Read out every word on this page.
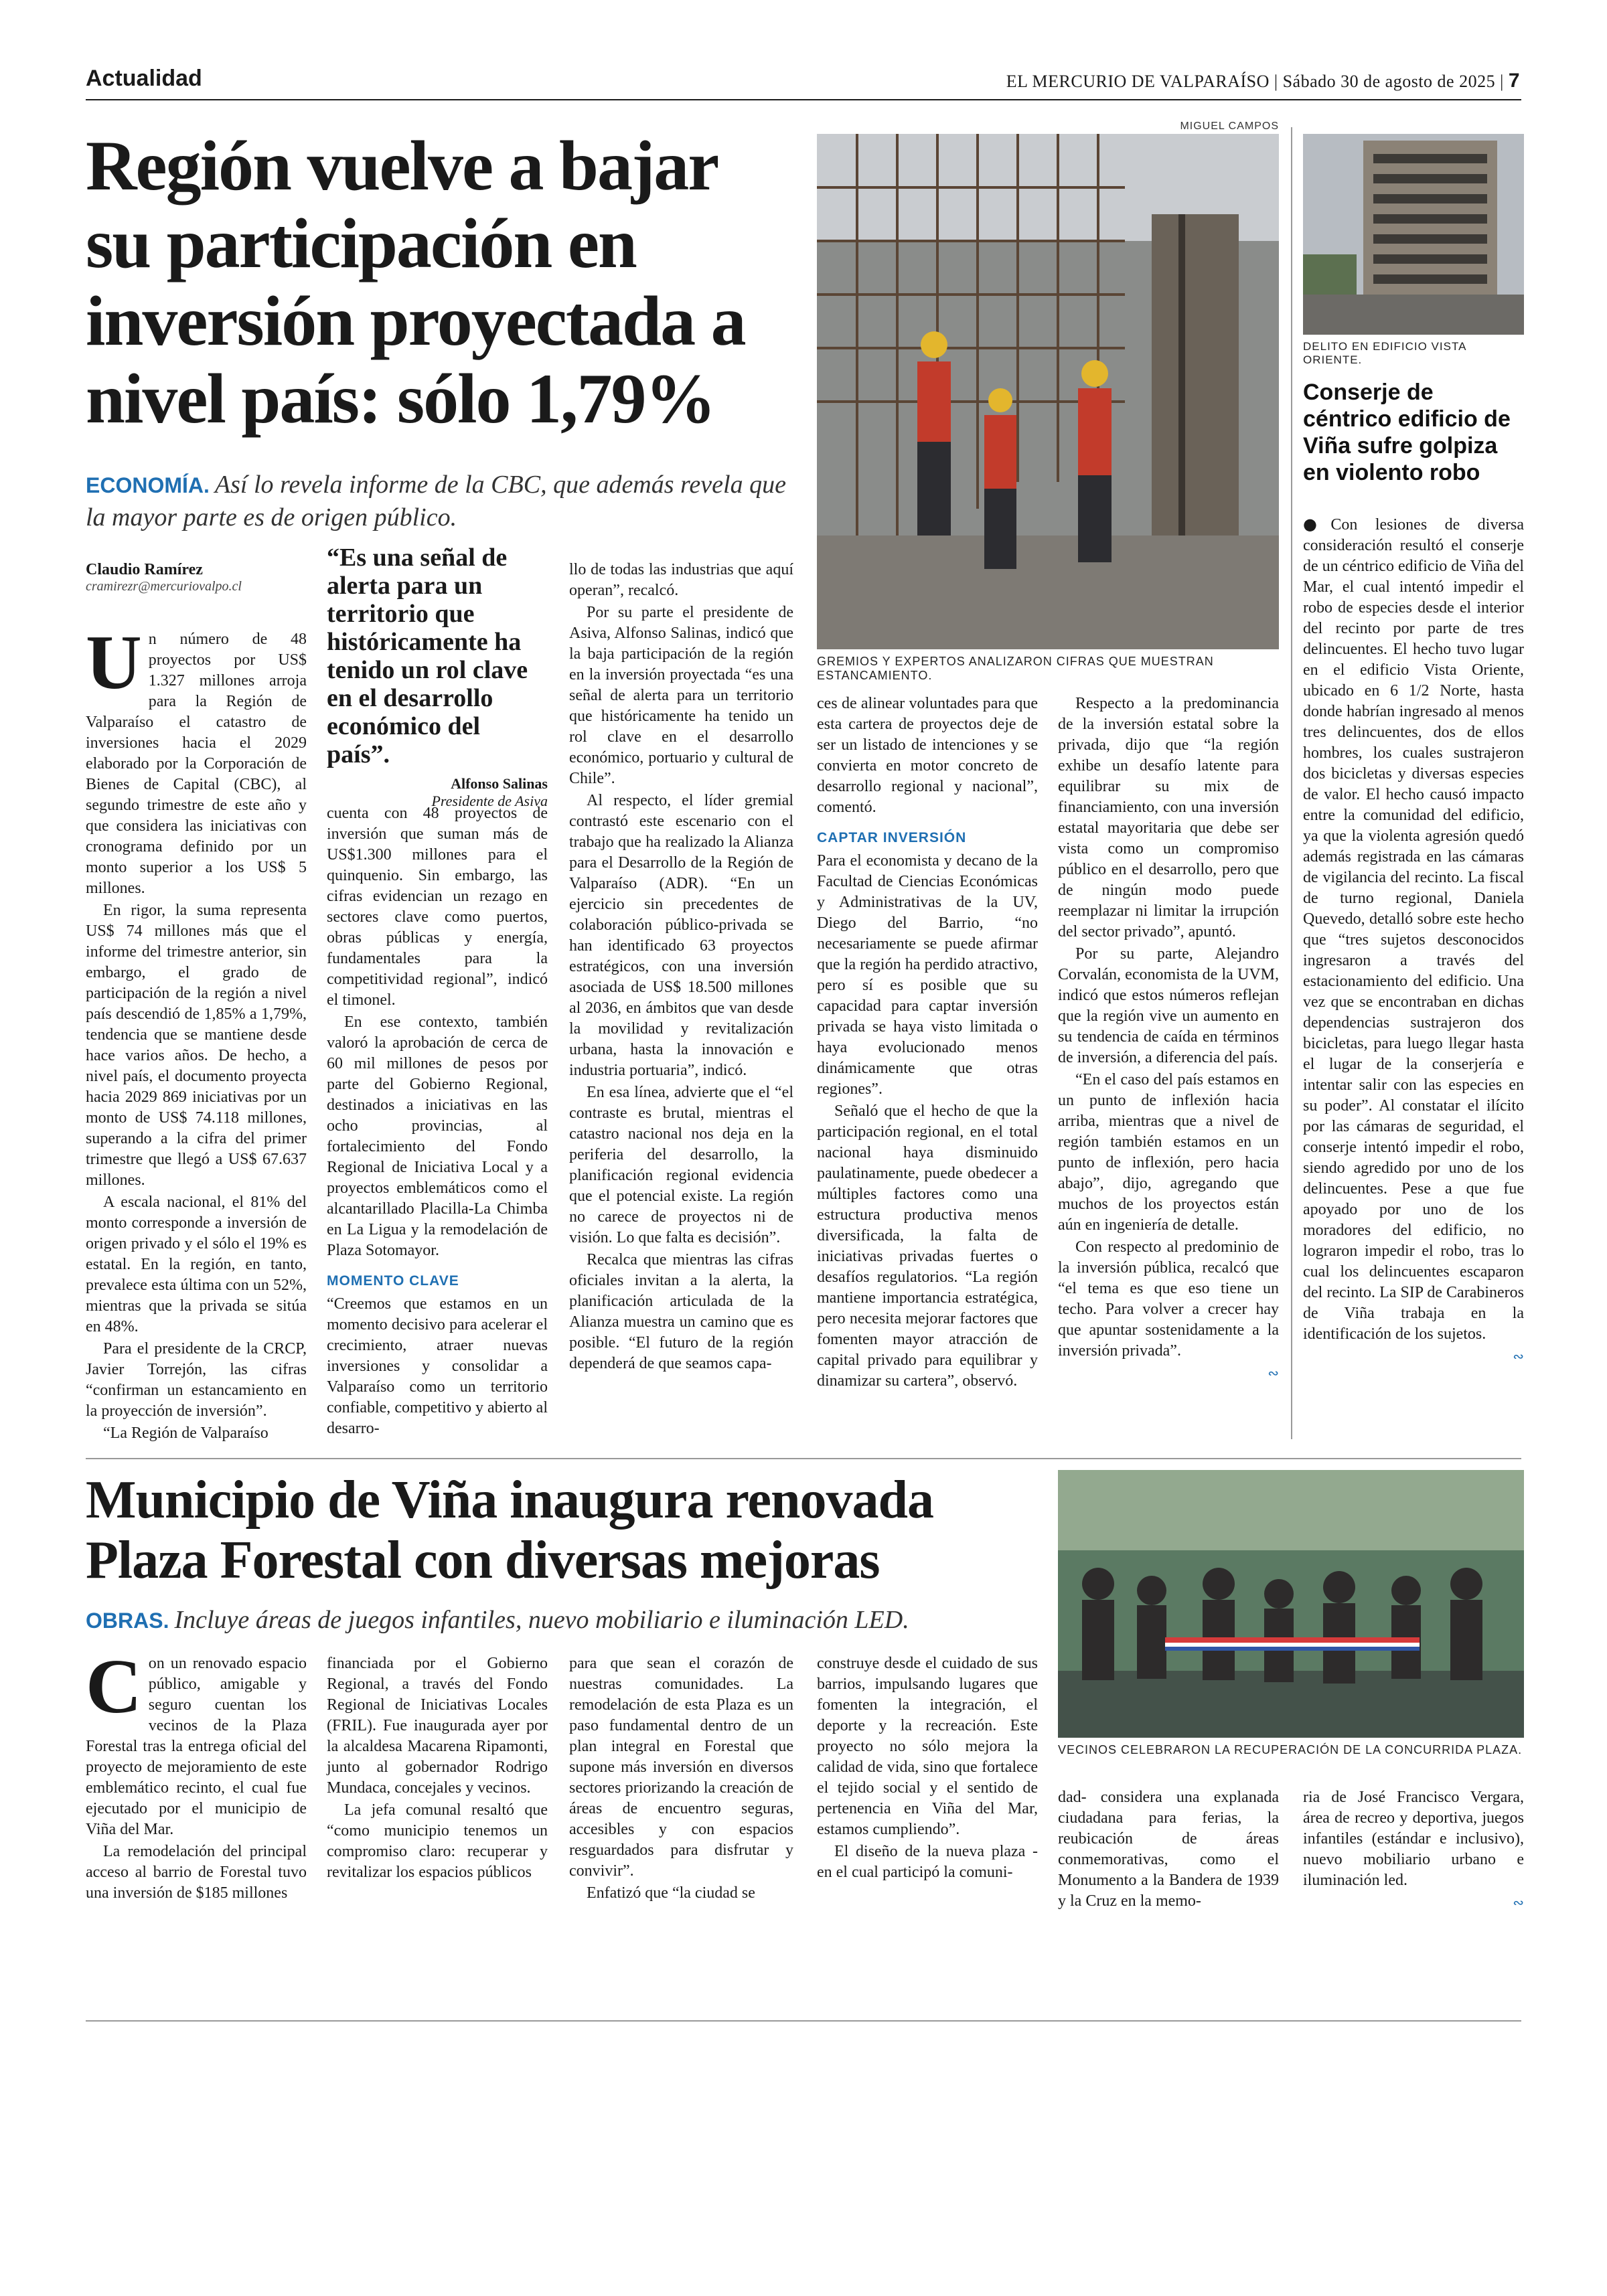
Actualidad	EL MERCURIO DE VALPARAÍSO | Sábado 30 de agosto de 2025 | 7
Región vuelve a bajar su participación en inversión proyectada a nivel país: sólo 1,79%
ECONOMÍA. Así lo revela informe de la CBC, que además revela que la mayor parte es de origen público.
MIGUEL CAMPOS
GREMIOS Y EXPERTOS ANALIZARON CIFRAS QUE MUESTRAN ESTANCAMIENTO.
Claudio Ramírez
cramirezr@mercuriovalpo.cl

Un número de 48 proyectos por US$ 1.327 millones arroja para la Región de Valparaíso el catastro de inversiones hacia el 2029 elaborado por la Corporación de Bienes de Capital (CBC), al segundo trimestre de este año y que considera las iniciativas con cronograma definido por un monto superior a los US$ 5 millones.

En rigor, la suma representa US$ 74 millones más que el informe del trimestre anterior, sin embargo, el grado de participación de la región a nivel país descendió de 1,85% a 1,79%, tendencia que se mantiene desde hace varios años. De hecho, a nivel país, el documento proyecta hacia 2029 869 iniciativas por un monto de US$ 74.118 millones, superando a la cifra del primer trimestre que llegó a US$ 67.637 millones.

A escala nacional, el 81% del monto corresponde a inversión de origen privado y el sólo el 19% es estatal. En la región, en tanto, prevalece esta última con un 52%, mientras que la privada se sitúa en 48%.

Para el presidente de la CRCP, Javier Torrejón, las cifras “confirman un estancamiento en la proyección de inversión”.

“La Región de Valparaíso

“Es una señal de alerta para un territorio que históricamente ha tenido un rol clave en el desarrollo económico del país”.
Alfonso Salinas
Presidente de Asiva

cuenta con 48 proyectos de inversión que suman más de US$1.300 millones para el quinquenio. Sin embargo, las cifras evidencian un rezago en sectores clave como puertos, obras públicas y energía, fundamentales para la competitividad regional”, indicó el timonel.

En ese contexto, también valoró la aprobación de cerca de 60 mil millones de pesos por parte del Gobierno Regional, destinados a iniciativas en las ocho provincias, al fortalecimiento del Fondo Regional de Iniciativa Local y a proyectos emblemáticos como el alcantarillado Placilla-La Chimba en La Ligua y la remodelación de Plaza Sotomayor.

MOMENTO CLAVE

“Creemos que estamos en un momento decisivo para acelerar el crecimiento, atraer nuevas inversiones y consolidar a Valparaíso como un territorio confiable, competitivo y abierto al desarro-

llo de todas las industrias que aquí operan”, recalcó.

Por su parte el presidente de Asiva, Alfonso Salinas, indicó que la baja participación de la región en la inversión proyectada “es una señal de alerta para un territorio que históricamente ha tenido un rol clave en el desarrollo económico, portuario y cultural de Chile”.

Al respecto, el líder gremial contrastó este escenario con el trabajo que ha realizado la Alianza para el Desarrollo de la Región de Valparaíso (ADR). “En un ejercicio sin precedentes de colaboración público-privada se han identificado 63 proyectos estratégicos, con una inversión asociada de US$ 18.500 millones al 2036, en ámbitos que van desde la movilidad y revitalización urbana, hasta la innovación e industria portuaria”, indicó.

En esa línea, advierte que el “el contraste es brutal, mientras el catastro nacional nos deja en la periferia del desarrollo, la planificación regional evidencia que el potencial existe. La región no carece de proyectos ni de visión. Lo que falta es decisión”.

Recalca que mientras las cifras oficiales invitan a la alerta, la planificación articulada de la Alianza muestra un camino que es posible. “El futuro de la región dependerá de que seamos capa-

ces de alinear voluntades para que esta cartera de proyectos deje de ser un listado de intenciones y se convierta en motor concreto de desarrollo regional y nacional”, comentó.

CAPTAR INVERSIÓN

Para el economista y decano de la Facultad de Ciencias Económicas y Administrativas de la UV, Diego del Barrio, “no necesariamente se puede afirmar que la región ha perdido atractivo, pero sí es posible que su capacidad para captar inversión privada se haya visto limitada o haya evolucionado menos dinámicamente que otras regiones”.

Señaló que el hecho de que la participación regional, en el total nacional haya disminuido paulatinamente, puede obedecer a múltiples factores como una estructura productiva menos diversificada, la falta de iniciativas privadas fuertes o desafíos regulatorios. “La región mantiene importancia estratégica, pero necesita mejorar factores que fomenten mayor atracción de capital privado para equilibrar y dinamizar su cartera”, observó.

Respecto a la predominancia de la inversión estatal sobre la privada, dijo que “la región exhibe un desafío latente para equilibrar su mix de financiamiento, con una inversión estatal mayoritaria que debe ser vista como un compromiso público en el desarrollo, pero que de ningún modo puede reemplazar ni limitar la irrupción del sector privado”, apuntó.

Por su parte, Alejandro Corvalán, economista de la UVM, indicó que estos números reflejan que la región vive un aumento en su tendencia de caída en términos de inversión, a diferencia del país.

“En el caso del país estamos en un punto de inflexión hacia arriba, mientras que a nivel de región también estamos en un punto de inflexión, pero hacia abajo”, dijo, agregando que muchos de los proyectos están aún en ingeniería de detalle.

Con respecto al predominio de la inversión pública, recalcó que “el tema es que eso tiene un techo. Para volver a crecer hay que apuntar sostenidamente a la inversión privada”.

∾
DELITO EN EDIFICIO VISTA ORIENTE.
Conserje de céntrico edificio de Viña sufre golpiza en violento robo

●Con lesiones de diversa consideración resultó el conserje de un céntrico edificio de Viña del Mar, el cual intentó impedir el robo de especies desde el interior del recinto por parte de tres delincuentes. El hecho tuvo lugar en el edificio Vista Oriente, ubicado en 6 1/2 Norte, hasta donde habrían ingresado al menos tres delincuentes, dos de ellos hombres, los cuales sustrajeron dos bicicletas y diversas especies de valor. El hecho causó impacto entre la comunidad del edificio, ya que la violenta agresión quedó además registrada en las cámaras de vigilancia del recinto. La fiscal de turno regional, Daniela Quevedo, detalló sobre este hecho que “tres sujetos desconocidos ingresaron a través del estacionamiento del edificio. Una vez que se encontraban en dichas dependencias sustrajeron dos bicicletas, para luego llegar hasta el lugar de la conserjería e intentar salir con las especies en su poder”. Al constatar el ilícito por las cámaras de seguridad, el conserje intentó impedir el robo, siendo agredido por uno de los delincuentes. Pese a que fue apoyado por uno de los moradores del edificio, no lograron impedir el robo, tras lo cual los delincuentes escaparon del recinto. La SIP de Carabineros de Viña trabaja en la identificación de los sujetos.

∾
Municipio de Viña inaugura renovada Plaza Forestal con diversas mejoras
OBRAS. Incluye áreas de juegos infantiles, nuevo mobiliario e iluminación LED.

Con un renovado espacio público, amigable y seguro cuentan los vecinos de la Plaza Forestal tras la entrega oficial del proyecto de mejoramiento de este emblemático recinto, el cual fue ejecutado por el municipio de Viña del Mar.

La remodelación del principal acceso al barrio de Forestal tuvo una inversión de $185 millones

financiada por el Gobierno Regional, a través del Fondo Regional de Iniciativas Locales (FRIL). Fue inaugurada ayer por la alcaldesa Macarena Ripamonti, junto al gobernador Rodrigo Mundaca, concejales y vecinos.

La jefa comunal resaltó que “como municipio tenemos un compromiso claro: recuperar y revitalizar los espacios públicos

para que sean el corazón de nuestras comunidades. La remodelación de esta Plaza es un paso fundamental dentro de un plan integral en Forestal que supone más inversión en diversos sectores priorizando la creación de áreas de encuentro seguras, accesibles y con espacios resguardados para disfrutar y convivir”.

Enfatizó que “la ciudad se

construye desde el cuidado de sus barrios, impulsando lugares que fomenten la integración, el deporte y la recreación. Este proyecto no sólo mejora la calidad de vida, sino que fortalece el tejido social y el sentido de pertenencia en Viña del Mar, estamos cumpliendo”.

El diseño de la nueva plaza - en el cual participó la comuni-

VECINOS CELEBRARON LA RECUPERACIÓN DE LA CONCURRIDA PLAZA.

dad- considera una explanada ciudadana para ferias, la reubicación de áreas conmemorativas, como el Monumento a la Bandera de 1939 y la Cruz en la memo-

ria de José Francisco Vergara, área de recreo y deportiva, juegos infantiles (estándar e inclusivo), nuevo mobiliario urbano e iluminación led.

∾
